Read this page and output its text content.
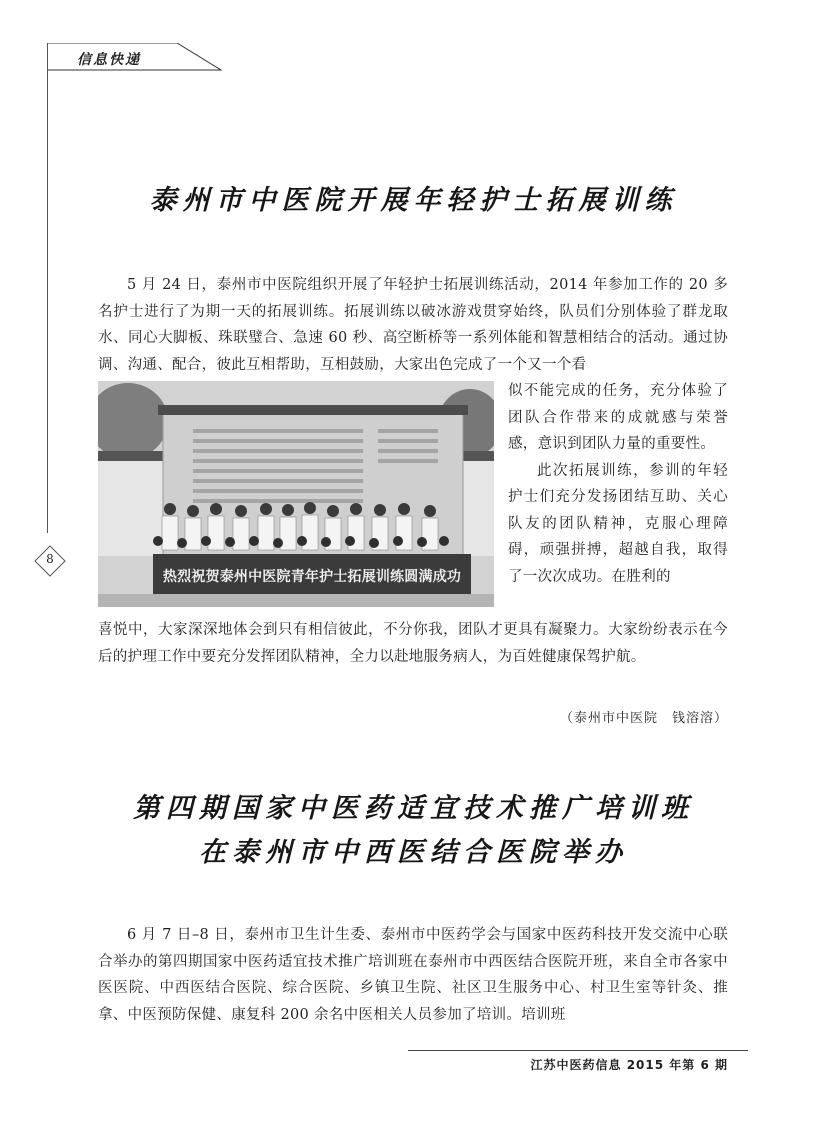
信息快递
8
泰州市中医院开展年轻护士拓展训练

5 月 24 日，泰州市中医院组织开展了年轻护士拓展训练活动，2014 年参加工作的 20 多名护士进行了为期一天的拓展训练。拓展训练以破冰游戏贯穿始终，队员们分别体验了群龙取水、同心大脚板、珠联璧合、急速 60 秒、高空断桥等一系列体能和智慧相结合的活动。通过协调、沟通、配合，彼此互相帮助，互相鼓励，大家出色完成了一个又一个看

热烈祝贺泰州中医院青年护士拓展训练圆满成功

似不能完成的任务，充分体验了团队合作带来的成就感与荣誉感，意识到团队力量的重要性。

此次拓展训练，参训的年轻护士们充分发扬团结互助、关心队友的团队精神，克服心理障碍，顽强拼搏，超越自我，取得了一次次成功。在胜利的

喜悦中，大家深深地体会到只有相信彼此，不分你我，团队才更具有凝聚力。大家纷纷表示在今后的护理工作中要充分发挥团队精神，全力以赴地服务病人，为百姓健康保驾护航。

（泰州市中医院　钱溶溶）
第四期国家中医药适宜技术推广培训班
在泰州市中西医结合医院举办

6 月 7 日–8 日，泰州市卫生计生委、泰州市中医药学会与国家中医药科技开发交流中心联合举办的第四期国家中医药适宜技术推广培训班在泰州市中西医结合医院开班，来自全市各家中医医院、中西医结合医院、综合医院、乡镇卫生院、社区卫生服务中心、村卫生室等针灸、推拿、中医预防保健、康复科 200 余名中医相关人员参加了培训。培训班

江苏中医药信息 2015 年第 6 期
